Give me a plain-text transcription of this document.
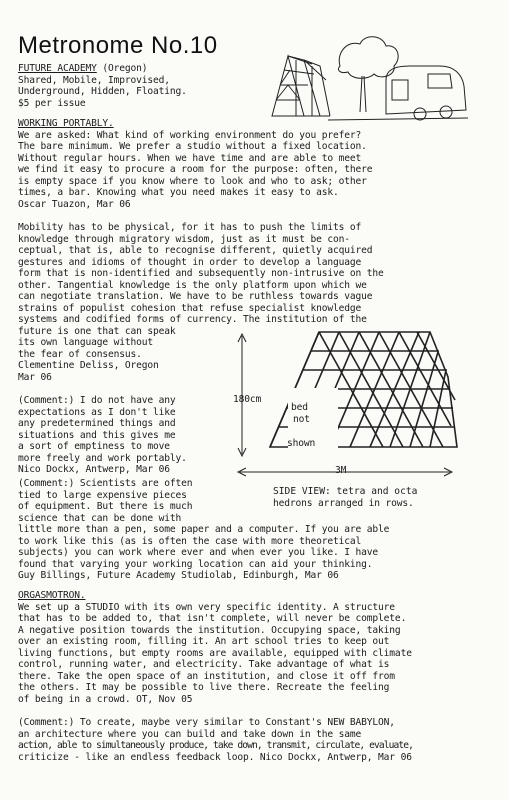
Metronome No.10
FUTURE ACADEMY (Oregon)
Shared, Mobile, Improvised,
Underground, Hidden, Floating.
$5 per issue
WORKING PORTABLY.
We are asked: What kind of working environment do you prefer?
The bare minimum. We prefer a studio without a fixed location.
Without regular hours. When we have time and are able to meet
we find it easy to procure a room for the purpose: often, there
is empty space if you know where to look and who to ask; other
times, a bar. Knowing what you need makes it easy to ask.
Oscar Tuazon, Mar 06
Mobility has to be physical, for it has to push the limits of
knowledge through migratory wisdom, just as it must be con-
ceptual, that is, able to recognise different, quietly acquired
gestures and idioms of thought in order to develop a language
form that is non-identified and subsequently non-intrusive on the
other. Tangential knowledge is the only platform upon which we
can negotiate translation. We have to be ruthless towards vague
strains of populist cohesion that refuse specialist knowledge
systems and codified forms of currency. The institution of the
future is one that can speak
its own language without
the fear of consensus.
Clementine Deliss, Oregon
Mar 06
(Comment:) I do not have any
expectations as I don't like
any predetermined things and
situations and this gives me
a sort of emptiness to move
more freely and work portably.
Nico Dockx, Antwerp, Mar 06
180cm
bed
not
shown
3M
SIDE VIEW: tetra and octa
hedrons arranged in rows.
(Comment:) Scientists are often
tied to large expensive pieces
of equipment. But there is much
science that can be done with
little more than a pen, some paper and a computer. If you are able
to work like this (as is often the case with more theoretical
subjects) you can work where ever and when ever you like. I have
found that varying your working location can aid your thinking.
Guy Billings, Future Academy Studiolab, Edinburgh, Mar 06
ORGASMOTRON.
We set up a STUDIO with its own very specific identity. A structure
that has to be added to, that isn't complete, will never be complete.
A negative position towards the institution. Occupying space, taking
over an existing room, filling it. An art school tries to keep out
living functions, but empty rooms are available, equipped with climate
control, running water, and electricity. Take advantage of what is
there. Take the open space of an institution, and close it off from
the others. It may be possible to live there. Recreate the feeling
of being in a crowd. OT, Nov 05
(Comment:) To create, maybe very similar to Constant's NEW BABYLON,
an architecture where you can build and take down in the same
action, able to simultaneously produce, take down, transmit, circulate, evaluate,
criticize - like an endless feedback loop. Nico Dockx, Antwerp, Mar 06
